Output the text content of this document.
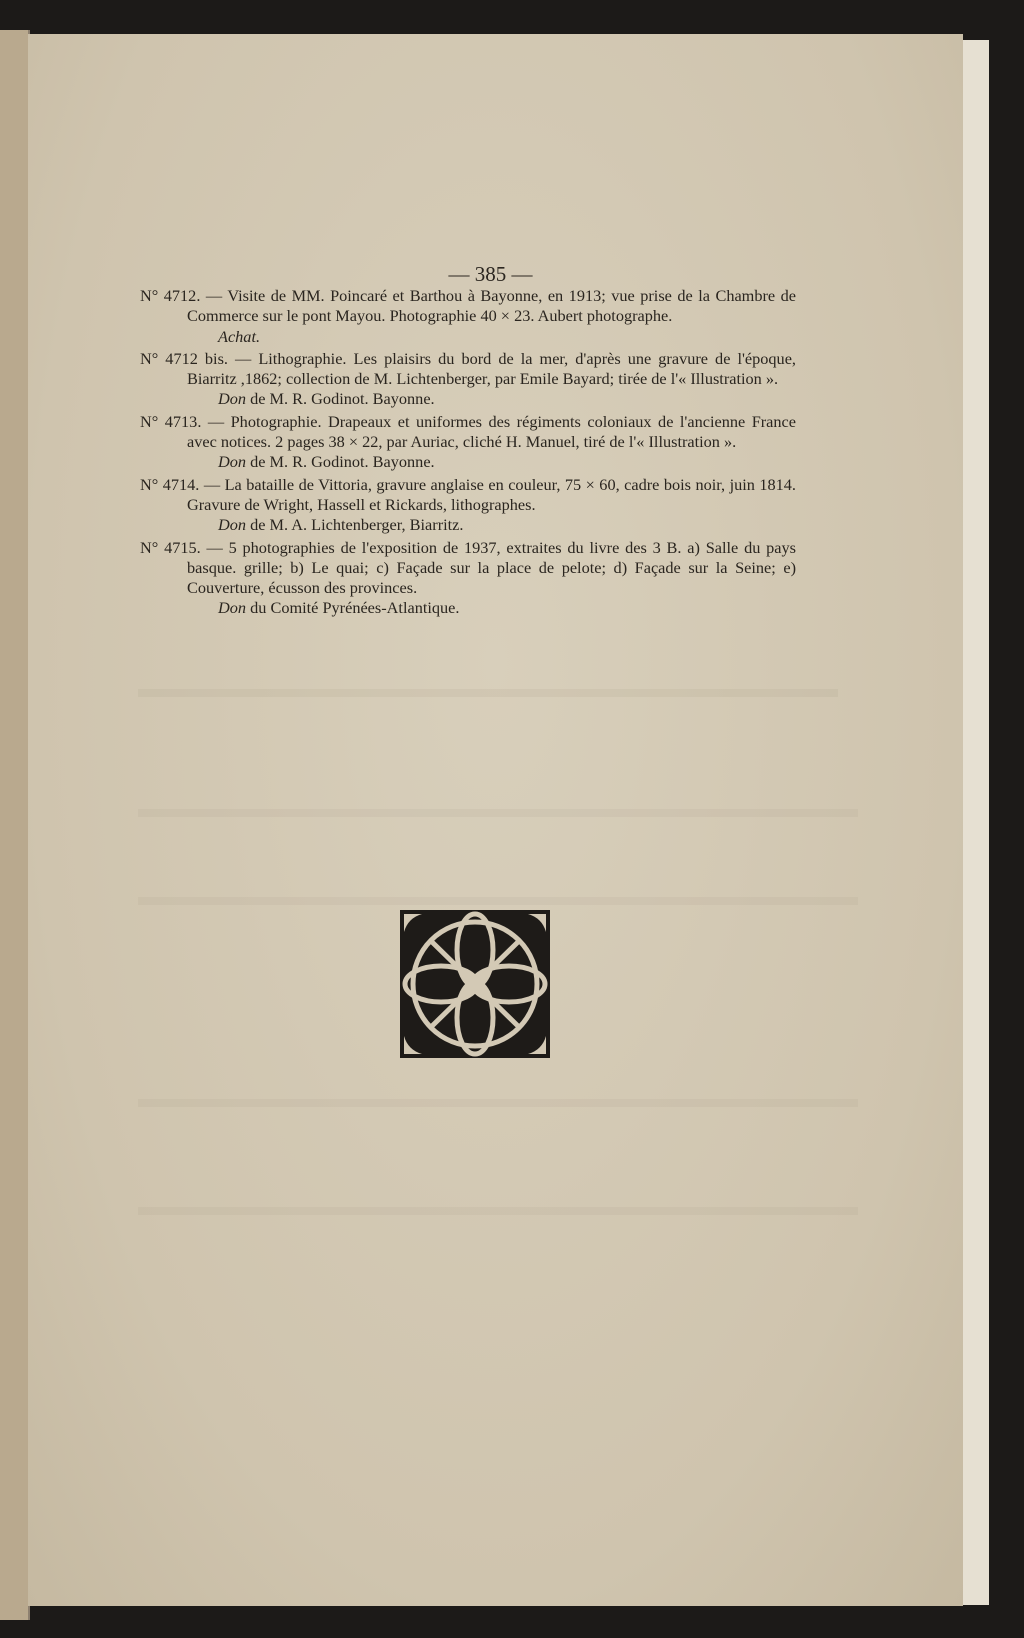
— 385 —

N° 4712. — Visite de MM. Poincaré et Barthou à Bayonne, en 1913; vue prise de la Chambre de Commerce sur le pont Mayou. Photographie 40 × 23. Aubert photographe.

Achat.

N° 4712 bis. — Lithographie. Les plaisirs du bord de la mer, d'après une gravure de l'époque, Biarritz ,1862; collection de M. Lichtenberger, par Emile Bayard; tirée de l'« Illustration ».

Don de M. R. Godinot. Bayonne.

N° 4713. — Photographie. Drapeaux et uniformes des régiments coloniaux de l'ancienne France avec notices. 2 pages 38 × 22, par Auriac, cliché H. Manuel, tiré de l'« Illustration ».

Don de M. R. Godinot. Bayonne.

N° 4714. — La bataille de Vittoria, gravure anglaise en couleur, 75 × 60, cadre bois noir, juin 1814. Gravure de Wright, Hassell et Rickards, lithographes.

Don de M. A. Lichtenberger, Biarritz.

N° 4715. — 5 photographies de l'exposition de 1937, extraites du livre des 3 B. a) Salle du pays basque. grille; b) Le quai; c) Façade sur la place de pelote; d) Façade sur la Seine; e) Couverture, écusson des provinces.

Don du Comité Pyrénées-Atlantique.
